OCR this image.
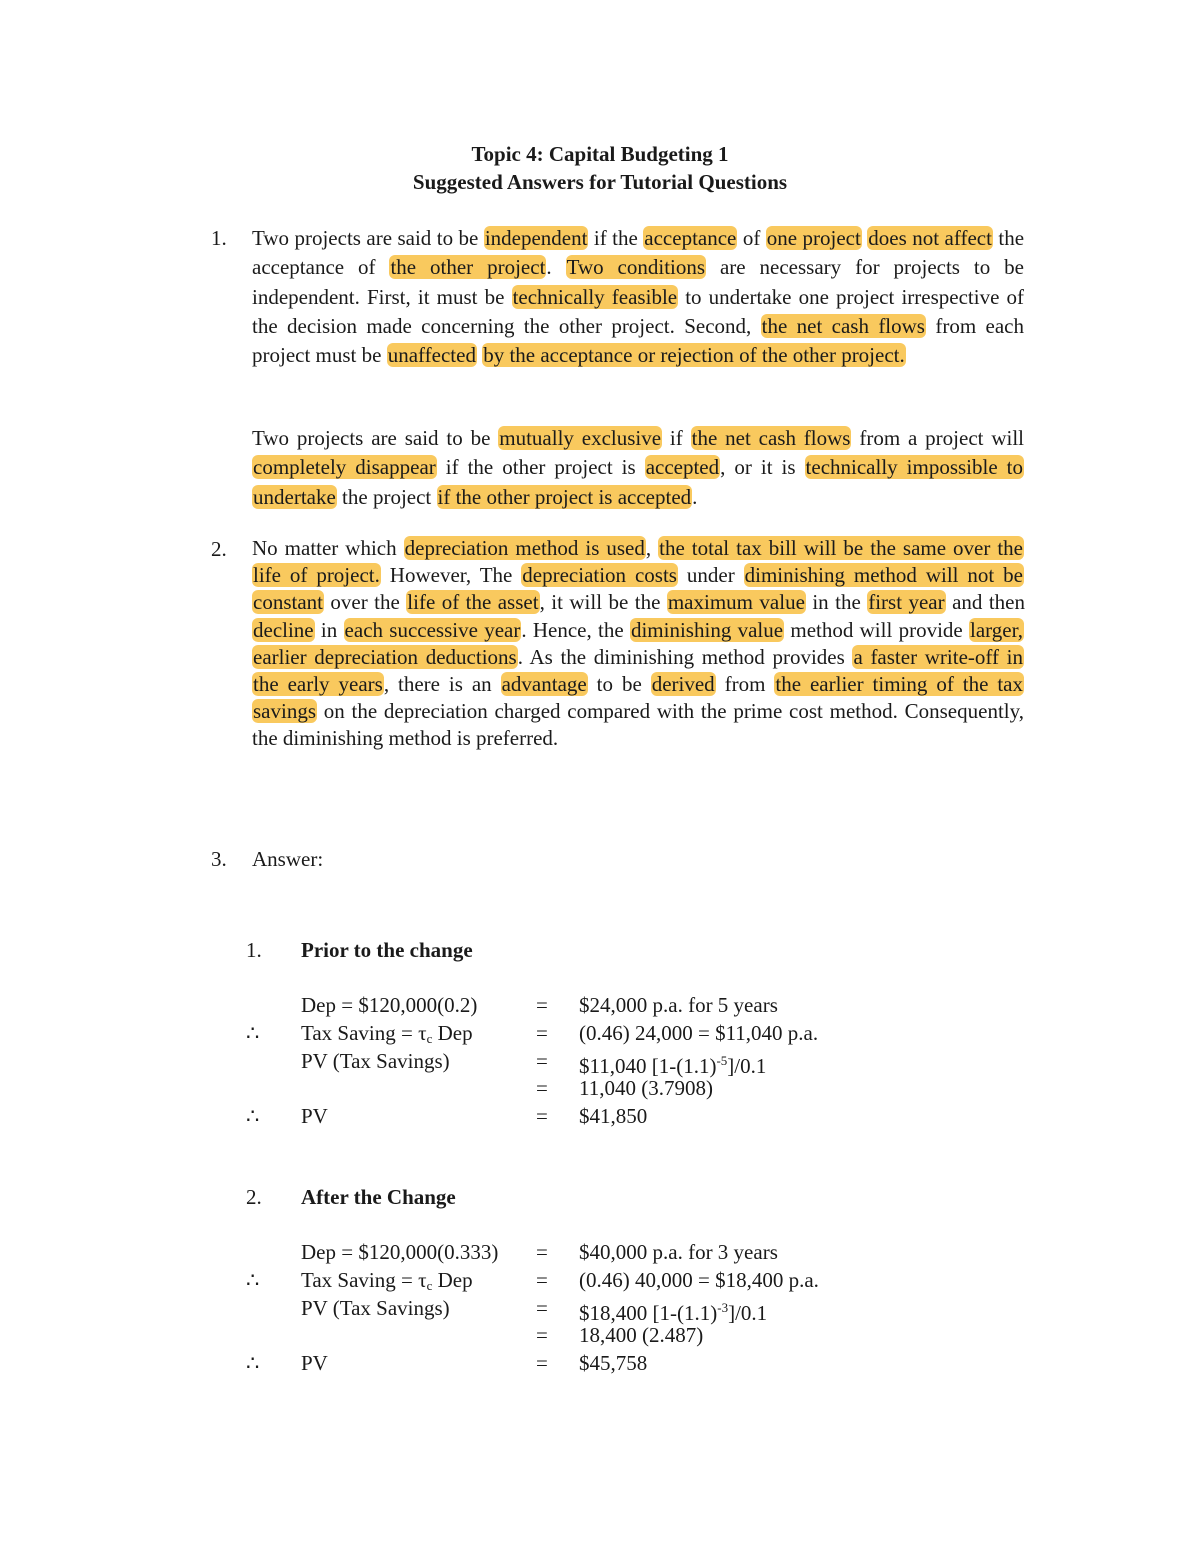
Topic 4: Capital Budgeting 1
Suggested Answers for Tutorial Questions
1. Two projects are said to be independent if the acceptance of one project does not affect the acceptance of the other project. Two conditions are necessary for projects to be independent. First, it must be technically feasible to undertake one project irrespective of the decision made concerning the other project. Second, the net cash flows from each project must be unaffected by the acceptance or rejection of the other project.
Two projects are said to be mutually exclusive if the net cash flows from a project will completely disappear if the other project is accepted, or it is technically impossible to undertake the project if the other project is accepted.
2. No matter which depreciation method is used, the total tax bill will be the same over the life of project. However, The depreciation costs under diminishing method will not be constant over the life of the asset, it will be the maximum value in the first year and then decline in each successive year. Hence, the diminishing value method will provide larger, earlier depreciation deductions. As the diminishing method provides a faster write-off in the early years, there is an advantage to be derived from the earlier timing of the tax savings on the depreciation charged compared with the prime cost method. Consequently, the diminishing method is preferred.
3. Answer:
1. Prior to the change
Dep = $120,000(0.2)	= $24,000 p.a. for 5 years
∴ Tax Saving = $\tau_c$ Dep	= (0.46) 24,000 = $11,040 p.a.
PV (Tax Savings)	= $11,040 $[1-(1.1)^{-5}]/0.1$
= 11,040 (3.7908)
∴ PV	= $41,850
2. After the Change
Dep = $120,000(0.333) = $40,000 p.a. for 3 years
∴ Tax Saving = $\tau_c$ Dep	= (0.46) 40,000 = $18,400 p.a.
PV (Tax Savings)	= $18,400 $[1-(1.1)^{-3}]/0.1$
= 18,400 (2.487)
∴ PV	= $45,758
